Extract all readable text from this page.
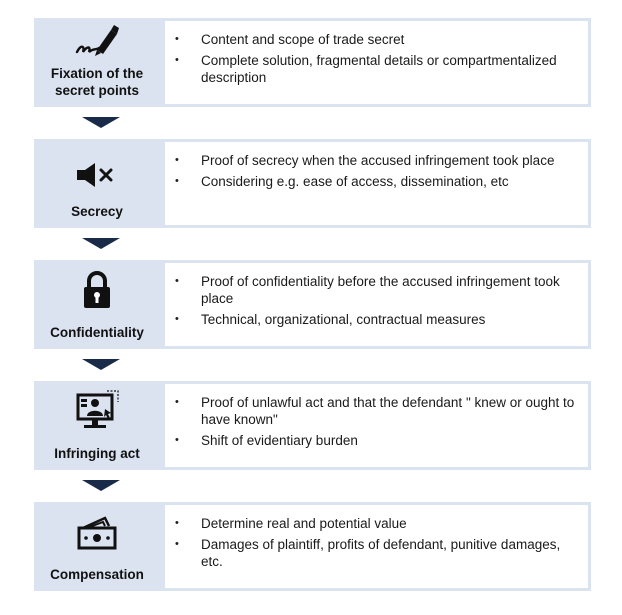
Fixation of the secret points
• Content and scope of trade secret
• Complete solution, fragmental details or compartmentalized description
Secrecy
• Proof of secrecy when the accused infringement took place
• Considering e.g. ease of access, dissemination, etc
Confidentiality
• Proof of confidentiality before the accused infringement took place
• Technical, organizational, contractual measures
Infringing act
• Proof of unlawful act and that the defendant " knew or ought to have known"
• Shift of evidentiary burden
Compensation
• Determine real and potential value
• Damages of plaintiff, profits of defendant, punitive damages, etc.
